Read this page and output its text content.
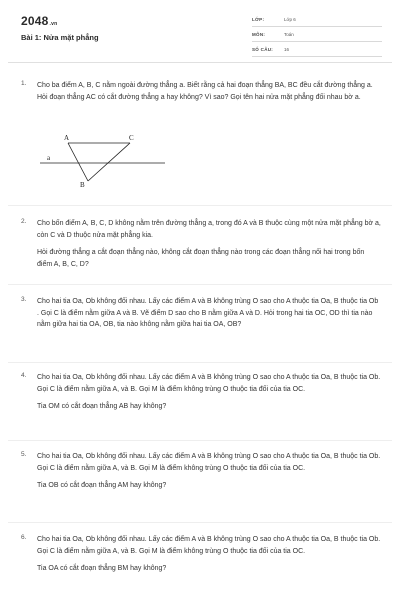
2048.vn
Bài 1: Nửa mặt phẳng
LỚP:	Lớp 6
MÔN:	Toán
SỐ CÂU: 16
1. Cho ba điểm A, B, C nằm ngoài đường thẳng a. Biết rằng cả hai đoạn thẳng BA, BC đều cắt đường thẳng a. Hỏi đoạn thẳng AC có cắt đường thẳng a hay không? Vì sao? Gọi tên hai nửa mặt phẳng đối nhau bờ a.

A	C
B
a
2. Cho bốn điểm A, B, C, D không nằm trên đường thẳng a, trong đó A và B thuộc cùng một nửa mặt phẳng bờ a, còn C và D thuộc nửa mặt phẳng kia.

Hỏi đường thẳng a cắt đoạn thẳng nào, không cắt đoạn thẳng nào trong các đoạn thẳng nối hai trong bốn điểm A, B, C, D?

3. Cho hai tia Oa, Ob không đối nhau. Lấy các điểm A và B không trùng O sao cho A thuộc tia Oa, B thuộc tia Ob . Gọi C là điểm nằm giữa A và B. Vẽ điểm D sao cho B nằm giữa A và D. Hỏi trong hai tia OC, OD thì tia nào nằm giữa hai tia OA, OB, tia nào không nằm giữa hai tia OA, OB?

4. Cho hai tia Oa, Ob không đối nhau. Lấy các điểm A và B không trùng O sao cho A thuộc tia Oa, B thuộc tia Ob. Gọi C là điểm nằm giữa A, và B. Gọi M là điểm không trùng O thuộc tia đối của tia OC.

Tia OM có cắt đoạn thẳng AB hay không?
5. Cho hai tia Oa, Ob không đối nhau. Lấy các điểm A và B không trùng O sao cho A thuộc tia Oa, B thuộc tia Ob. Gọi C là điểm nằm giữa A, và B. Gọi M là điểm không trùng O thuộc tia đối của tia OC.

Tia OB có cắt đoạn thẳng AM hay không?
6. Cho hai tia Oa, Ob không đối nhau. Lấy các điểm A và B không trùng O sao cho A thuộc tia Oa, B thuộc tia Ob. Gọi C là điểm nằm giữa A, và B. Gọi M là điểm không trùng O thuộc tia đối của tia OC.

Tia OA có cắt đoạn thẳng BM hay không?
